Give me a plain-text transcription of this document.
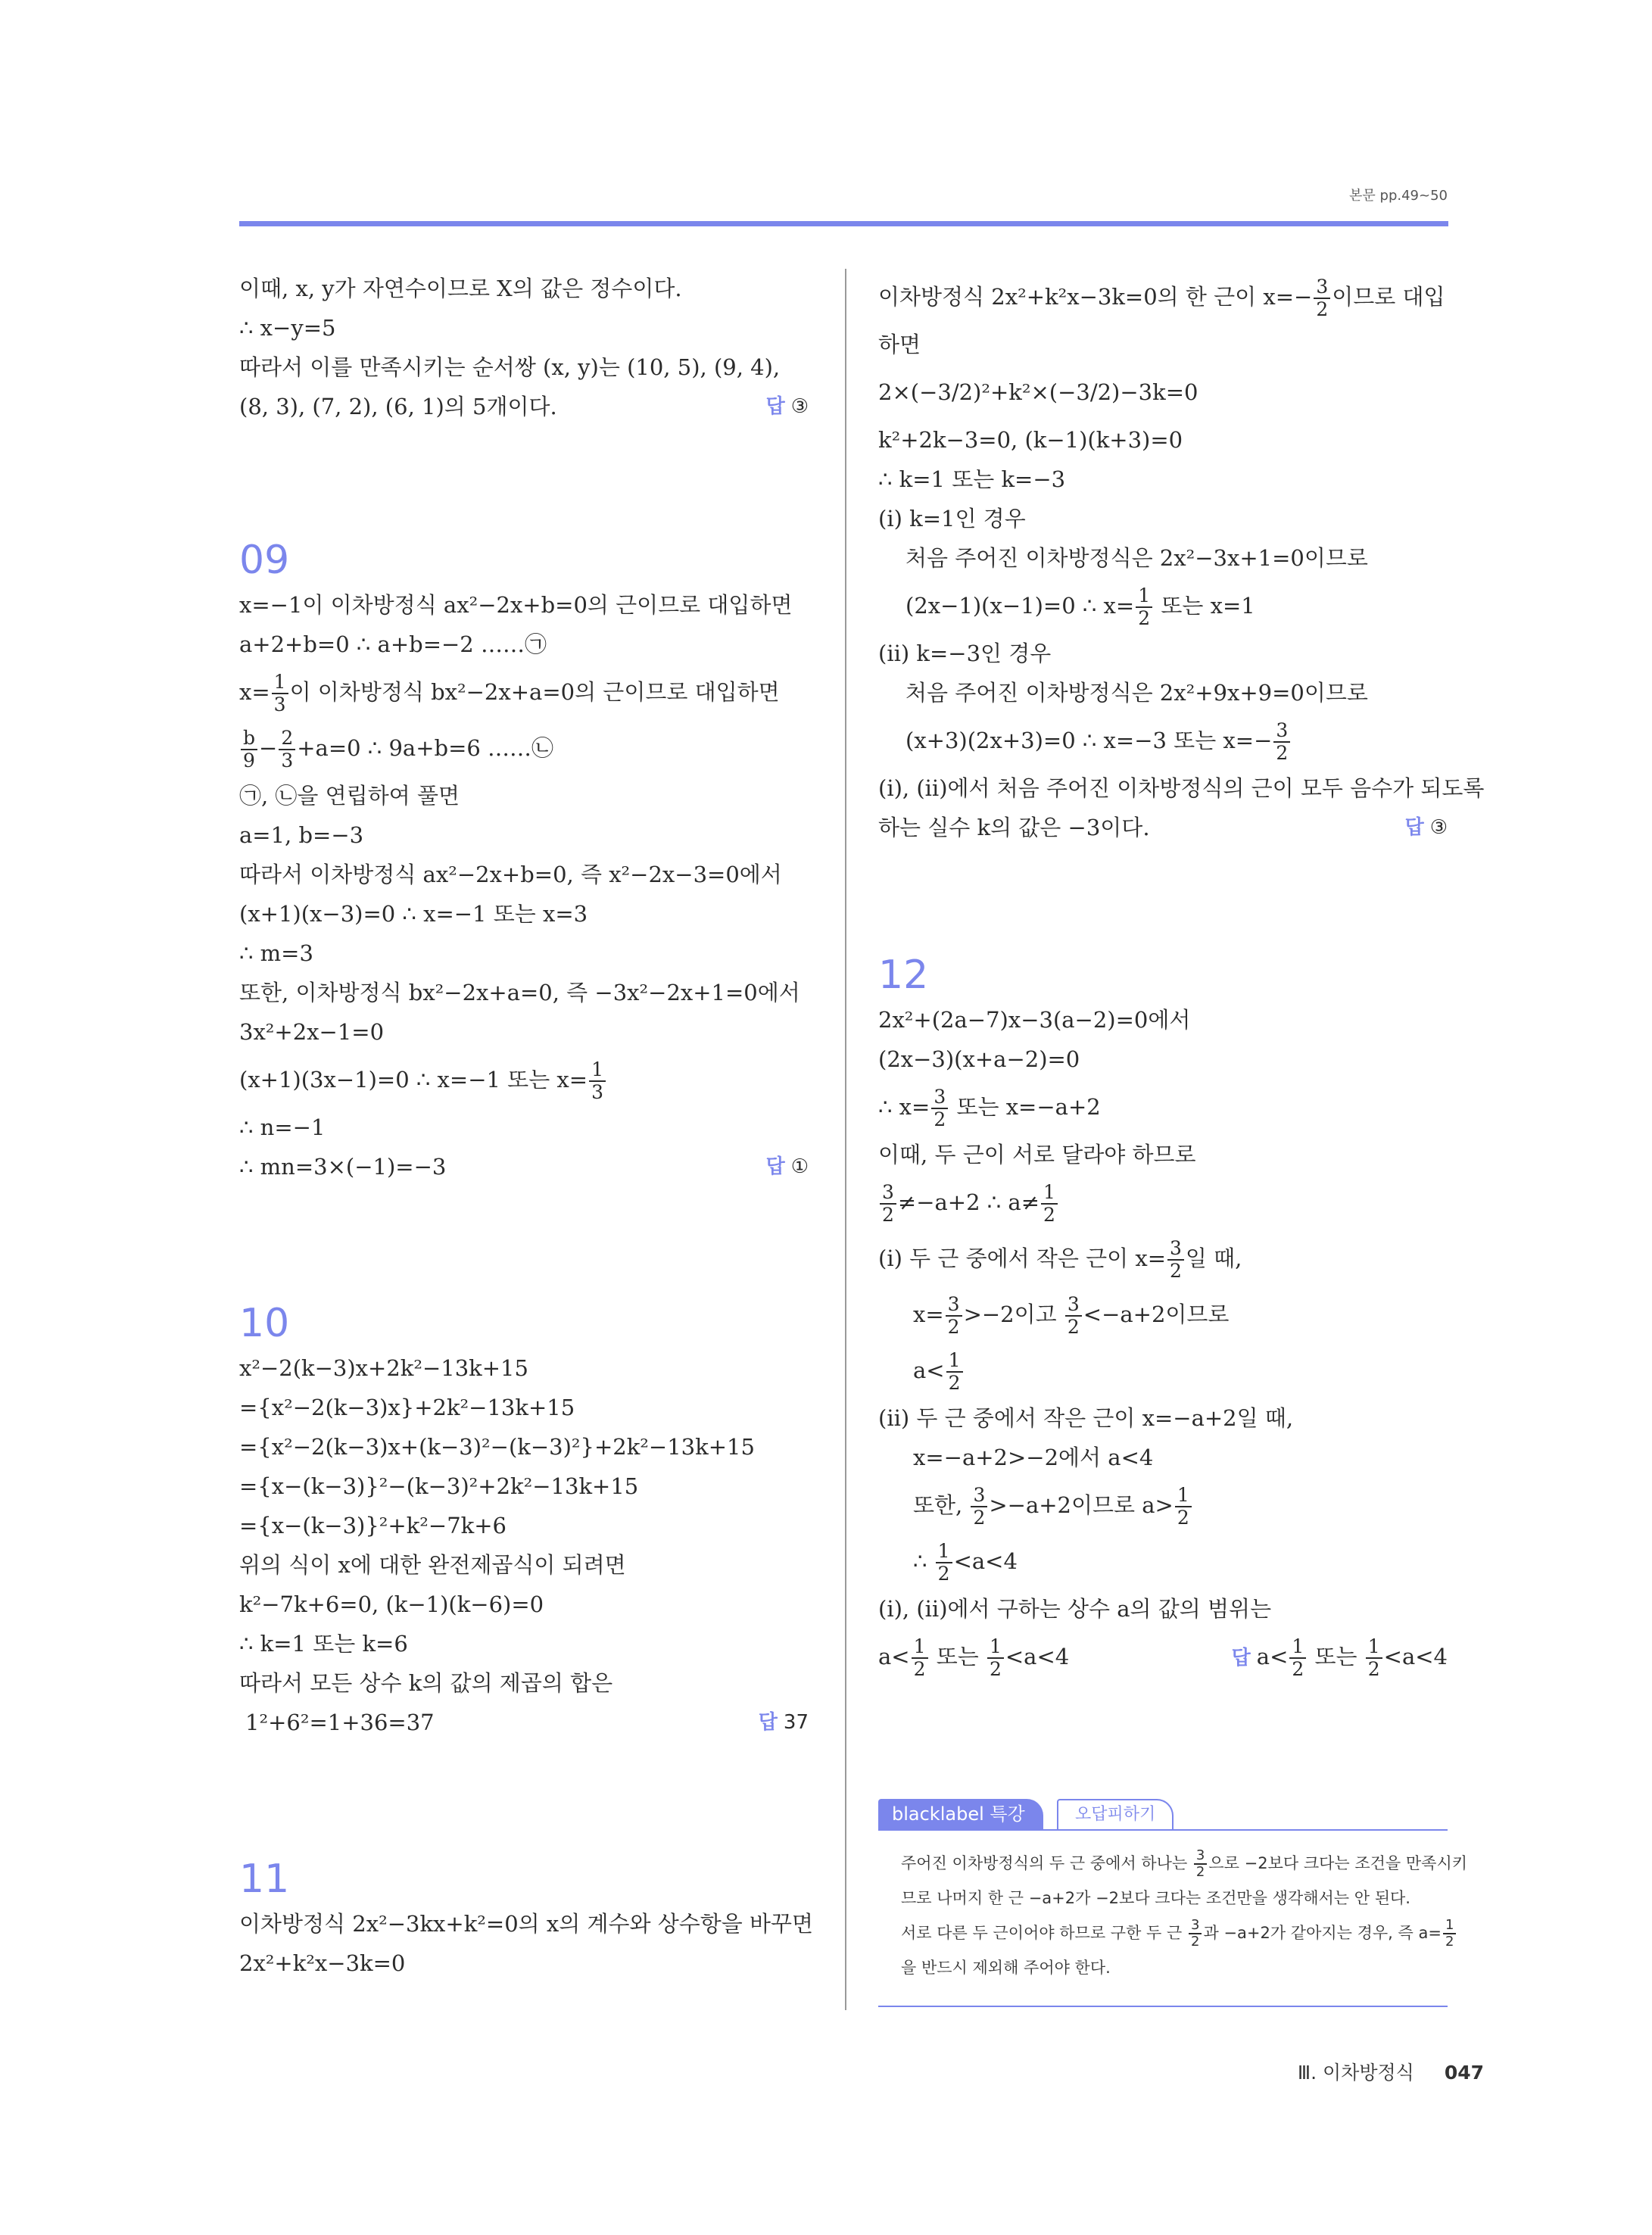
본문 pp.49~50
이때, x, y가 자연수이므로 X의 값은 정수이다.
∴ x−y=5
따라서 이를 만족시키는 순서쌍 (x, y)는 (10, 5), (9, 4),
(8, 3), (7, 2), (6, 1)의 5개이다.	답 ③
09
x=−1이 이차방정식 ax²−2x+b=0의 근이므로 대입하면
a+2+b=0 ∴ a+b=−2 ……㉠
$x= \frac{1}{3}$ 이 이차방정식 bx²−2x+a=0의 근이므로 대입하면
$\frac{b}{9} - \frac{2}{3} +a=0$ ∴ 9a+b=6 ……㉡
㉠, ㉡을 연립하여 풀면
a=1, b=−3
따라서 이차방정식 ax²−2x+b=0, 즉 x²−2x−3=0에서
(x+1)(x−3)=0 ∴ x=−1 또는 x=3
∴ m=3
또한, 이차방정식 bx²−2x+a=0, 즉 −3x²−2x+1=0에서
3x²+2x−1=0
(x+1)(3x−1)=0 ∴ x=−1 또는 $x= \frac{1}{3}$
∴ n=−1
∴ mn=3×(−1)=−3	답 ①
10
x²−2(k−3)x+2k²−13k+15
={x²−2(k−3)x}+2k²−13k+15
={x²−2(k−3)x+(k−3)²−(k−3)²}+2k²−13k+15
={x−(k−3)}²−(k−3)²+2k²−13k+15
={x−(k−3)}²+k²−7k+6
위의 식이 x에 대한 완전제곱식이 되려면
k²−7k+6=0, (k−1)(k−6)=0
∴ k=1 또는 k=6
따라서 모든 상수 k의 값의 제곱의 합은
1²+6²=1+36=37	답 37
11
이차방정식 2x²−3kx+k²=0의 x의 계수와 상수항을 바꾸면
2x²+k²x−3k=0
이차방정식 2x²+k²x−3k=0의 한 근이 $x=- \frac{3}{2}$ 이므로 대입
하면
2×(−3/2)²+k²×(−3/2)−3k=0
k²+2k−3=0, (k−1)(k+3)=0
∴ k=1 또는 k=−3
(ⅰ) k=1인 경우
처음 주어진 이차방정식은 2x²−3x+1=0이므로
(2x−1)(x−1)=0 ∴ $x= \frac{1}{2}$ 또는 x=1
(ⅱ) k=−3인 경우
처음 주어진 이차방정식은 2x²+9x+9=0이므로
(x+3)(2x+3)=0 ∴ x=−3 또는 $x=- \frac{3}{2}$
(ⅰ), (ⅱ)에서 처음 주어진 이차방정식의 근이 모두 음수가 되도록
하는 실수 k의 값은 −3이다.	답 ③
12
2x²+(2a−7)x−3(a−2)=0에서
(2x−3)(x+a−2)=0
∴ $x= \frac{3}{2}$ 또는 x=−a+2
이때, 두 근이 서로 달라야 하므로
$\frac{3}{2} \ne-a+2$ ∴ $a\ne \frac{1}{2}$
(ⅰ) 두 근 중에서 작은 근이 $x= \frac{3}{2}$ 일 때,
$x= \frac{3}{2} >-2$이고 $\frac{3}{2} <-a+2$이므로
$a< \frac{1}{2}$
(ⅱ) 두 근 중에서 작은 근이 x=−a+2일 때,
x=−a+2>−2에서 a<4
또한, $\frac{3}{2} >-a+2$이므로 $a> \frac{1}{2}$
∴ $\frac{1}{2} <a<4$
(ⅰ), (ⅱ)에서 구하는 상수 a의 값의 범위는
$a< \frac{1}{2}$ 또는 $\frac{1}{2} <a<4$	답 $a< \frac{1}{2}$ 또는 $\frac{1}{2} <a<4$
blacklabel 특강	오답피하기
주어진 이차방정식의 두 근 중에서 하나는 $\frac{3}{2}$ 으로 −2보다 크다는 조건을 만족시키
므로 나머지 한 근 −a+2가 −2보다 크다는 조건만을 생각해서는 안 된다.
서로 다른 두 근이어야 하므로 구한 두 근 $\frac{3}{2}$ 과 −a+2가 같아지는 경우, 즉 $a= \frac{1}{2}$
을 반드시 제외해 주어야 한다.
Ⅲ. 이차방정식 047
